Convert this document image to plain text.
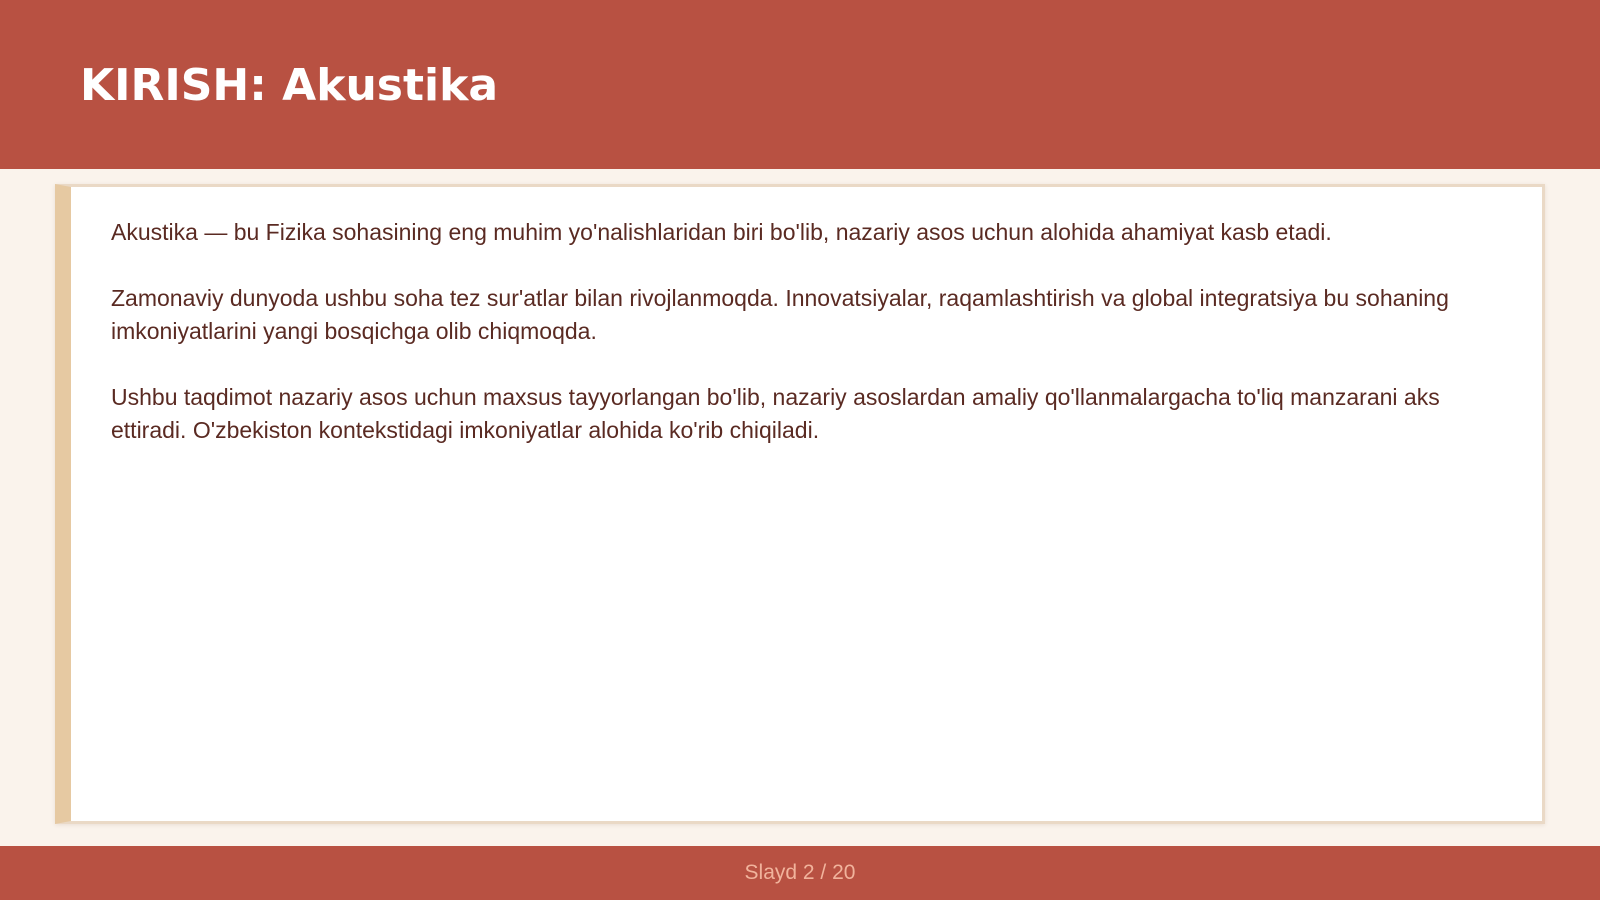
KIRISH: Akustika

Akustika — bu Fizika sohasining eng muhim yo'nalishlaridan biri bo'lib, nazariy asos uchun alohida ahamiyat kasb etadi.

Zamonaviy dunyoda ushbu soha tez sur'atlar bilan rivojlanmoqda. Innovatsiyalar, raqamlashtirish va global integratsiya bu sohaning imkoniyatlarini yangi bosqichga olib chiqmoqda.

Ushbu taqdimot nazariy asos uchun maxsus tayyorlangan bo'lib, nazariy asoslardan amaliy qo'llanmalargacha to'liq manzarani aks ettiradi. O'zbekiston kontekstidagi imkoniyatlar alohida ko'rib chiqiladi.

Slayd 2 / 20
